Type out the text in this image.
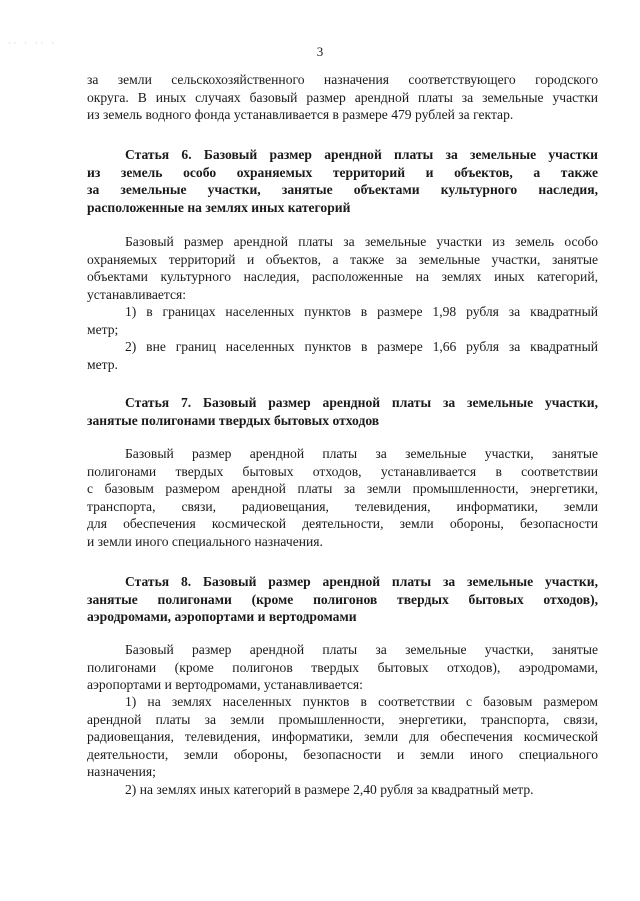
·· · ·· ·
3

за земли сельскохозяйственного назначения соответствующего городского

округа. В иных случаях базовый размер арендной платы за земельные участки

из земель водного фонда устанавливается в размере 479 рублей за гектар.

Статья 6. Базовый размер арендной платы за земельные участки

из земель особо охраняемых территорий и объектов, а также

за земельные участки, занятые объектами культурного наследия,

расположенные на землях иных категорий

Базовый размер арендной платы за земельные участки из земель особо

охраняемых территорий и объектов, а также за земельные участки, занятые

объектами культурного наследия, расположенные на землях иных категорий,

устанавливается:

1) в границах населенных пунктов в размере 1,98 рубля за квадратный

метр;

2) вне границ населенных пунктов в размере 1,66 рубля за квадратный

метр.

Статья 7. Базовый размер арендной платы за земельные участки,

занятые полигонами твердых бытовых отходов

Базовый размер арендной платы за земельные участки, занятые

полигонами твердых бытовых отходов, устанавливается в соответствии

с базовым размером арендной платы за земли промышленности, энергетики,

транспорта, связи, радиовещания, телевидения, информатики, земли

для обеспечения космической деятельности, земли обороны, безопасности

и земли иного специального назначения.

Статья 8. Базовый размер арендной платы за земельные участки,

занятые полигонами (кроме полигонов твердых бытовых отходов),

аэродромами, аэропортами и вертодромами

Базовый размер арендной платы за земельные участки, занятые

полигонами (кроме полигонов твердых бытовых отходов), аэродромами,

аэропортами и вертодромами, устанавливается:

1) на землях населенных пунктов в соответствии с базовым размером

арендной платы за земли промышленности, энергетики, транспорта, связи,

радиовещания, телевидения, информатики, земли для обеспечения космической

деятельности, земли обороны, безопасности и земли иного специального

назначения;

2) на землях иных категорий в размере 2,40 рубля за квадратный метр.
